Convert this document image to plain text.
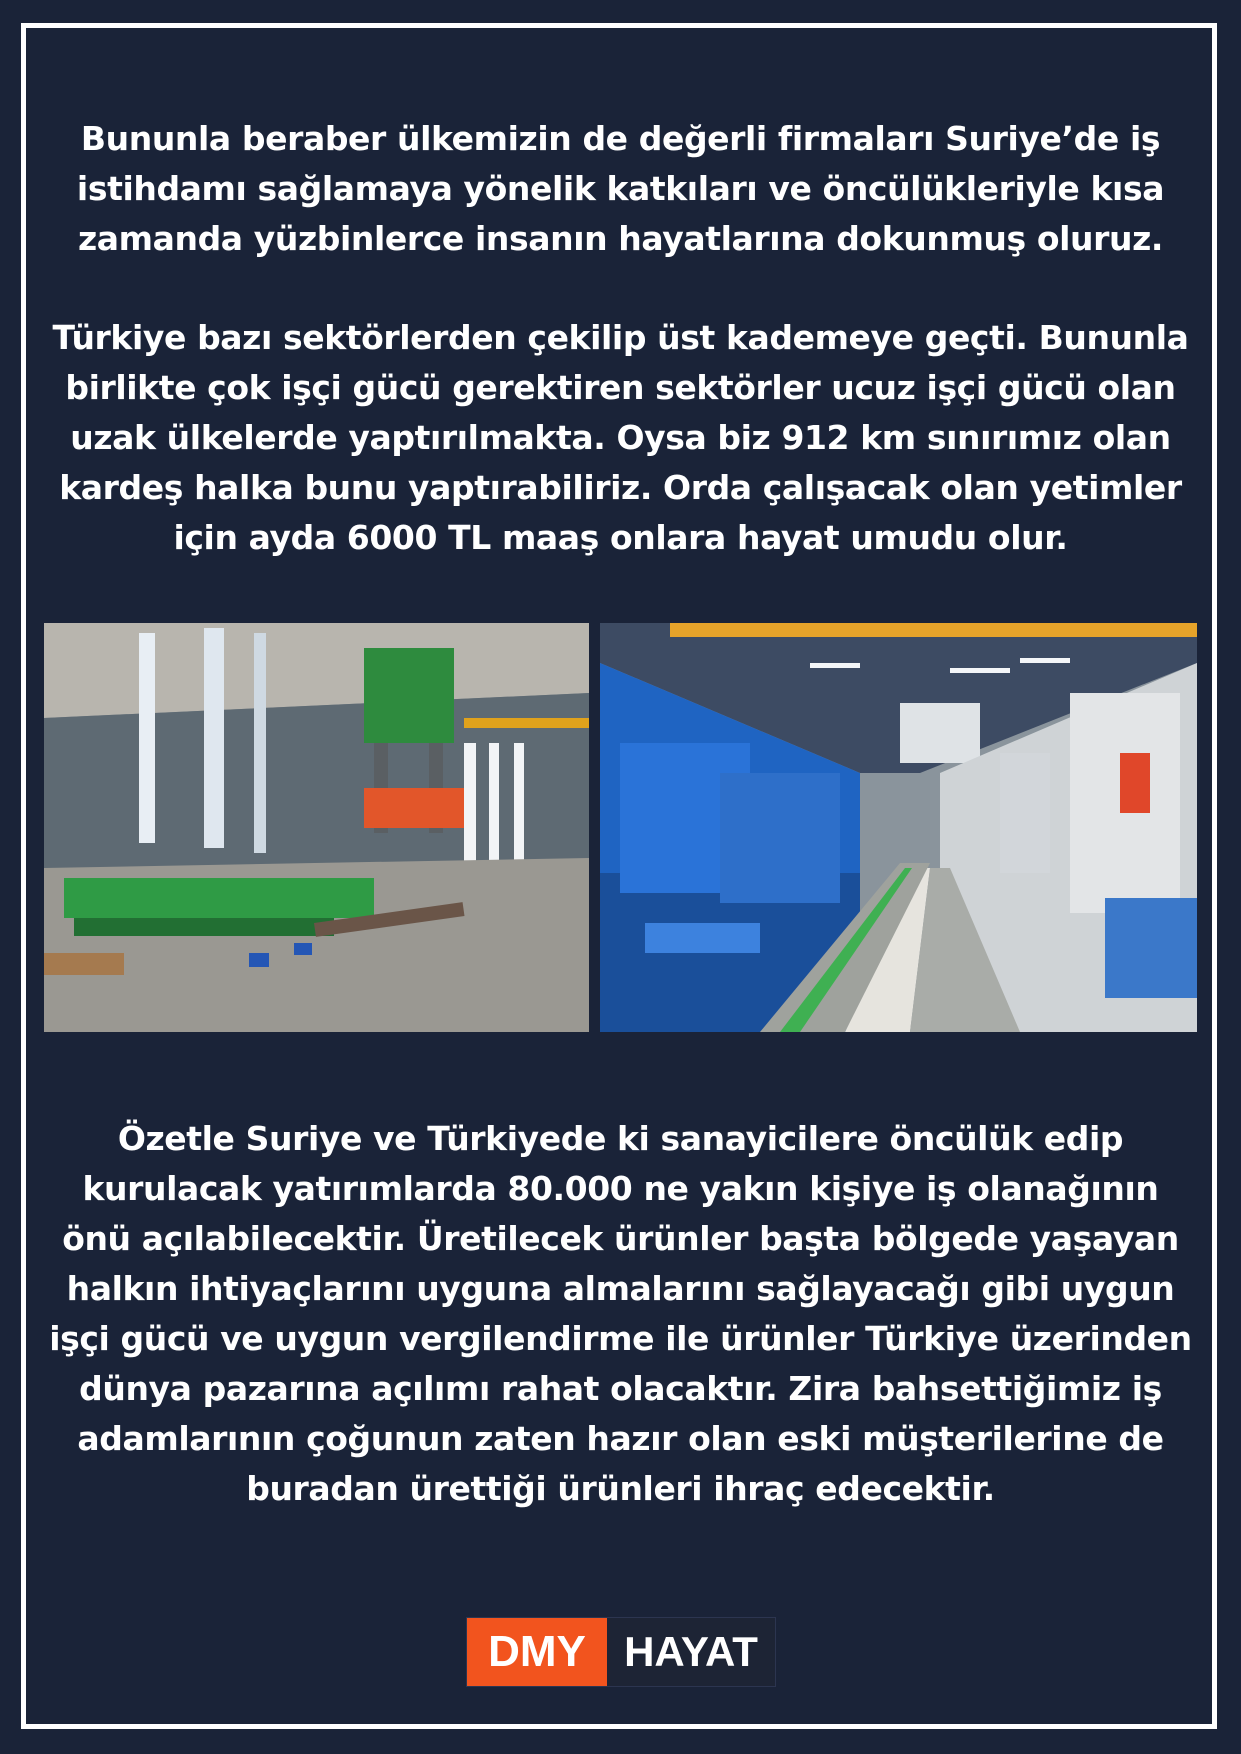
Bununla beraber ülkemizin de değerli firmaları Suriye’de iş istihdamı sağlamaya yönelik katkıları ve öncülükleriyle kısa zamanda yüzbinlerce insanın hayatlarına dokunmuş oluruz.

Türkiye bazı sektörlerden çekilip üst kademeye geçti. Bununla birlikte çok işçi gücü gerektiren sektörler ucuz işçi gücü olan uzak ülkelerde yaptırılmakta. Oysa biz 912 km sınırımız olan kardeş halka bunu yaptırabiliriz. Orda çalışacak olan yetimler için ayda 6000 TL maaş onlara hayat umudu olur.

Özetle Suriye ve Türkiyede ki sanayicilere öncülük edip kurulacak yatırımlarda 80.000 ne yakın kişiye iş olanağının önü açılabilecektir. Üretilecek ürünler başta bölgede yaşayan halkın ihtiyaçlarını uyguna almalarını sağlayacağı gibi uygun işçi gücü ve uygun vergilendirme ile ürünler Türkiye üzerinden dünya pazarına açılımı rahat olacaktır. Zira bahsettiğimiz iş adamlarının çoğunun zaten hazır olan eski müşterilerine de buradan ürettiği ürünleri ihraç edecektir.

DMY HAYAT
